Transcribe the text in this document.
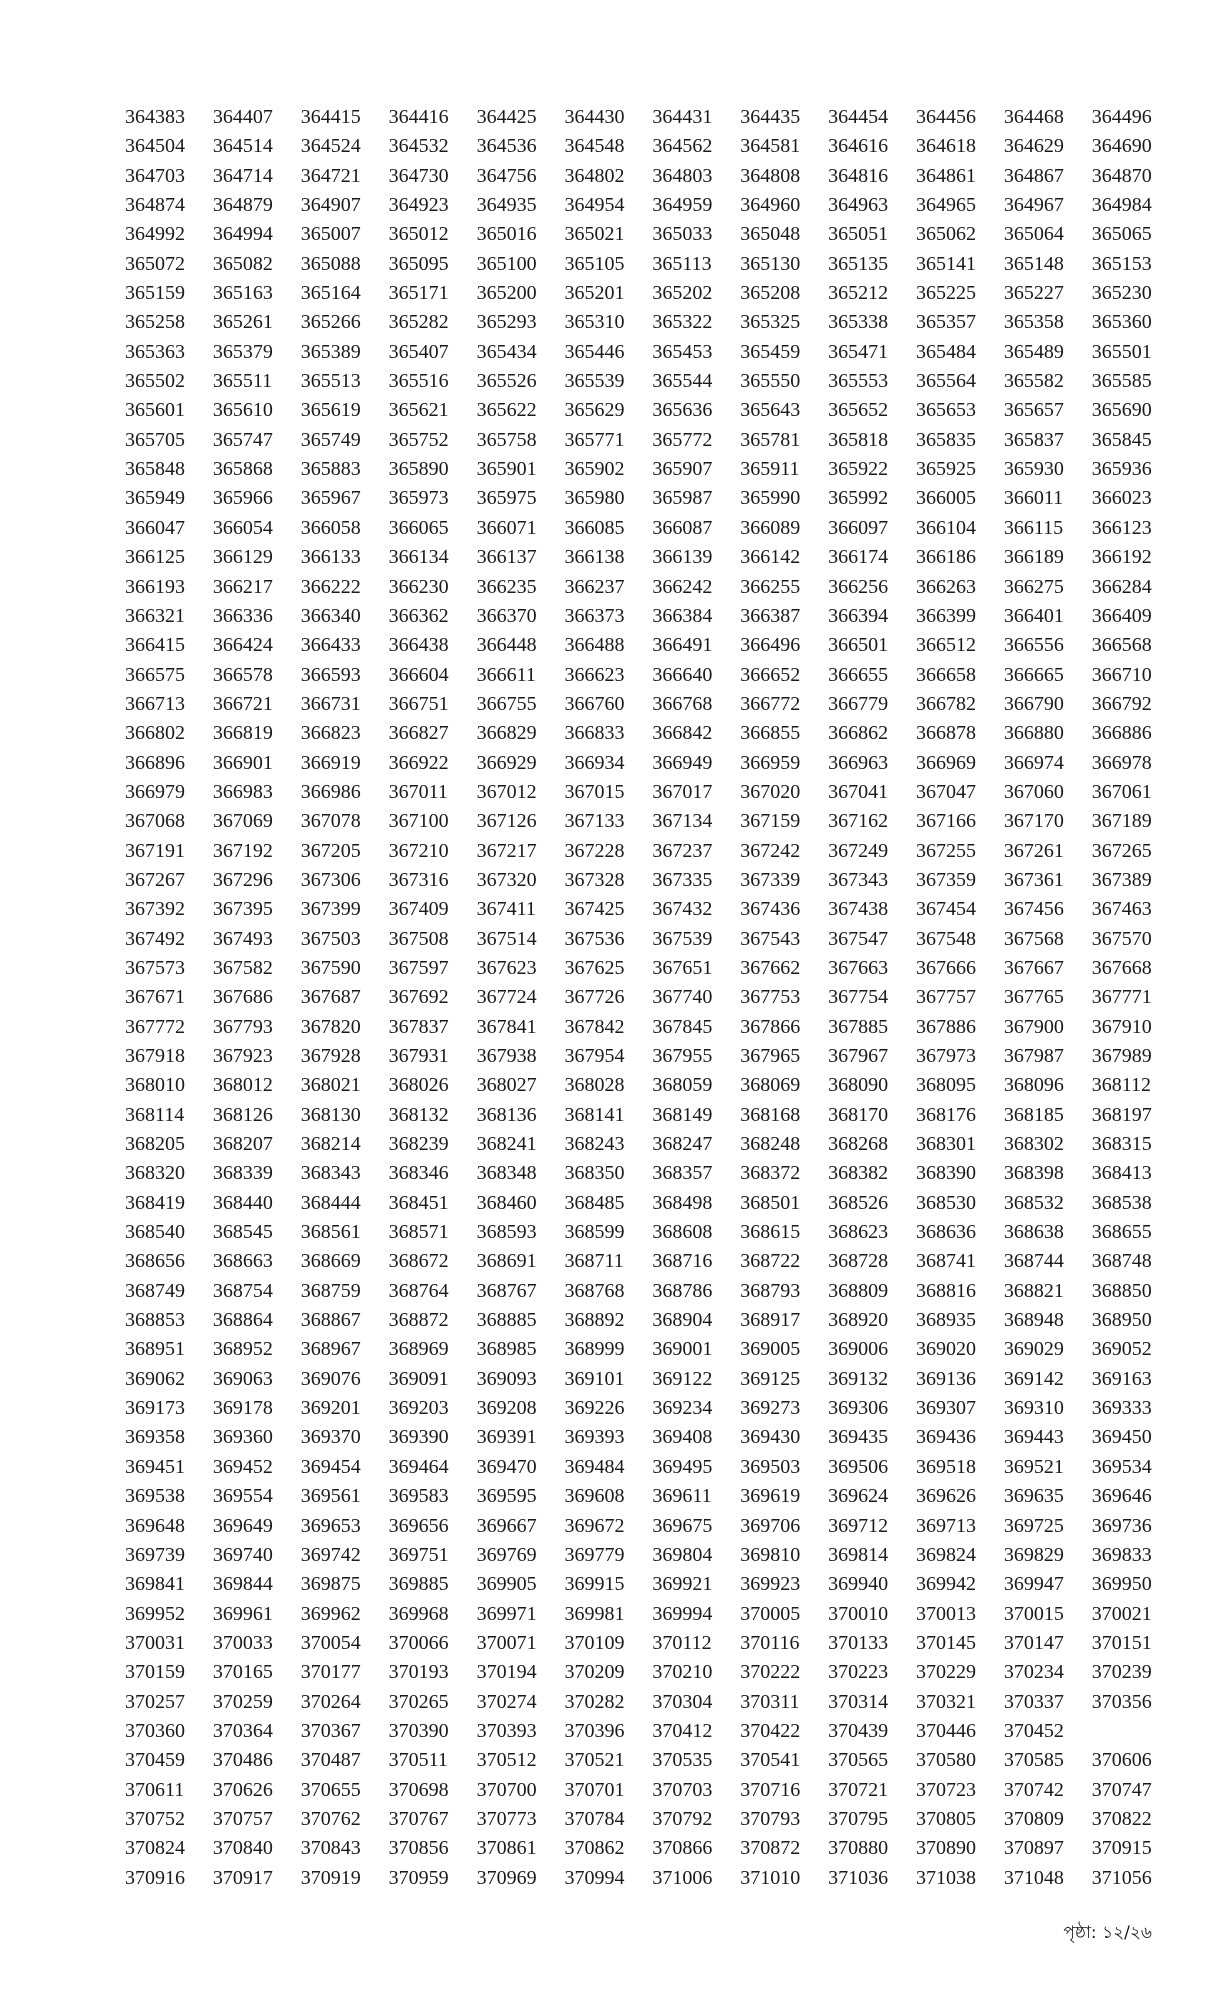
364383	364407	364415	364416	364425	364430	364431	364435	364454	364456	364468	364496
364504	364514	364524	364532	364536	364548	364562	364581	364616	364618	364629	364690
364703	364714	364721	364730	364756	364802	364803	364808	364816	364861	364867	364870
364874	364879	364907	364923	364935	364954	364959	364960	364963	364965	364967	364984
364992	364994	365007	365012	365016	365021	365033	365048	365051	365062	365064	365065
365072	365082	365088	365095	365100	365105	365113	365130	365135	365141	365148	365153
365159	365163	365164	365171	365200	365201	365202	365208	365212	365225	365227	365230
365258	365261	365266	365282	365293	365310	365322	365325	365338	365357	365358	365360
365363	365379	365389	365407	365434	365446	365453	365459	365471	365484	365489	365501
365502	365511	365513	365516	365526	365539	365544	365550	365553	365564	365582	365585
365601	365610	365619	365621	365622	365629	365636	365643	365652	365653	365657	365690
365705	365747	365749	365752	365758	365771	365772	365781	365818	365835	365837	365845
365848	365868	365883	365890	365901	365902	365907	365911	365922	365925	365930	365936
365949	365966	365967	365973	365975	365980	365987	365990	365992	366005	366011	366023
366047	366054	366058	366065	366071	366085	366087	366089	366097	366104	366115	366123
366125	366129	366133	366134	366137	366138	366139	366142	366174	366186	366189	366192
366193	366217	366222	366230	366235	366237	366242	366255	366256	366263	366275	366284
366321	366336	366340	366362	366370	366373	366384	366387	366394	366399	366401	366409
366415	366424	366433	366438	366448	366488	366491	366496	366501	366512	366556	366568
366575	366578	366593	366604	366611	366623	366640	366652	366655	366658	366665	366710
366713	366721	366731	366751	366755	366760	366768	366772	366779	366782	366790	366792
366802	366819	366823	366827	366829	366833	366842	366855	366862	366878	366880	366886
366896	366901	366919	366922	366929	366934	366949	366959	366963	366969	366974	366978
366979	366983	366986	367011	367012	367015	367017	367020	367041	367047	367060	367061
367068	367069	367078	367100	367126	367133	367134	367159	367162	367166	367170	367189
367191	367192	367205	367210	367217	367228	367237	367242	367249	367255	367261	367265
367267	367296	367306	367316	367320	367328	367335	367339	367343	367359	367361	367389
367392	367395	367399	367409	367411	367425	367432	367436	367438	367454	367456	367463
367492	367493	367503	367508	367514	367536	367539	367543	367547	367548	367568	367570
367573	367582	367590	367597	367623	367625	367651	367662	367663	367666	367667	367668
367671	367686	367687	367692	367724	367726	367740	367753	367754	367757	367765	367771
367772	367793	367820	367837	367841	367842	367845	367866	367885	367886	367900	367910
367918	367923	367928	367931	367938	367954	367955	367965	367967	367973	367987	367989
368010	368012	368021	368026	368027	368028	368059	368069	368090	368095	368096	368112
368114	368126	368130	368132	368136	368141	368149	368168	368170	368176	368185	368197
368205	368207	368214	368239	368241	368243	368247	368248	368268	368301	368302	368315
368320	368339	368343	368346	368348	368350	368357	368372	368382	368390	368398	368413
368419	368440	368444	368451	368460	368485	368498	368501	368526	368530	368532	368538
368540	368545	368561	368571	368593	368599	368608	368615	368623	368636	368638	368655
368656	368663	368669	368672	368691	368711	368716	368722	368728	368741	368744	368748
368749	368754	368759	368764	368767	368768	368786	368793	368809	368816	368821	368850
368853	368864	368867	368872	368885	368892	368904	368917	368920	368935	368948	368950
368951	368952	368967	368969	368985	368999	369001	369005	369006	369020	369029	369052
369062	369063	369076	369091	369093	369101	369122	369125	369132	369136	369142	369163
369173	369178	369201	369203	369208	369226	369234	369273	369306	369307	369310	369333
369358	369360	369370	369390	369391	369393	369408	369430	369435	369436	369443	369450
369451	369452	369454	369464	369470	369484	369495	369503	369506	369518	369521	369534
369538	369554	369561	369583	369595	369608	369611	369619	369624	369626	369635	369646
369648	369649	369653	369656	369667	369672	369675	369706	369712	369713	369725	369736
369739	369740	369742	369751	369769	369779	369804	369810	369814	369824	369829	369833
369841	369844	369875	369885	369905	369915	369921	369923	369940	369942	369947	369950
369952	369961	369962	369968	369971	369981	369994	370005	370010	370013	370015	370021
370031	370033	370054	370066	370071	370109	370112	370116	370133	370145	370147	370151
370159	370165	370177	370193	370194	370209	370210	370222	370223	370229	370234	370239
370257	370259	370264	370265	370274	370282	370304	370311	370314	370321	370337	370356
370360	370364	370367	370390	370393	370396	370412	370422	370439	370446	370452
370459	370486	370487	370511	370512	370521	370535	370541	370565	370580	370585	370606
370611	370626	370655	370698	370700	370701	370703	370716	370721	370723	370742	370747
370752	370757	370762	370767	370773	370784	370792	370793	370795	370805	370809	370822
370824	370840	370843	370856	370861	370862	370866	370872	370880	370890	370897	370915
370916	370917	370919	370959	370969	370994	371006	371010	371036	371038	371048	371056
পৃষ্ঠা: ১২/২৬
